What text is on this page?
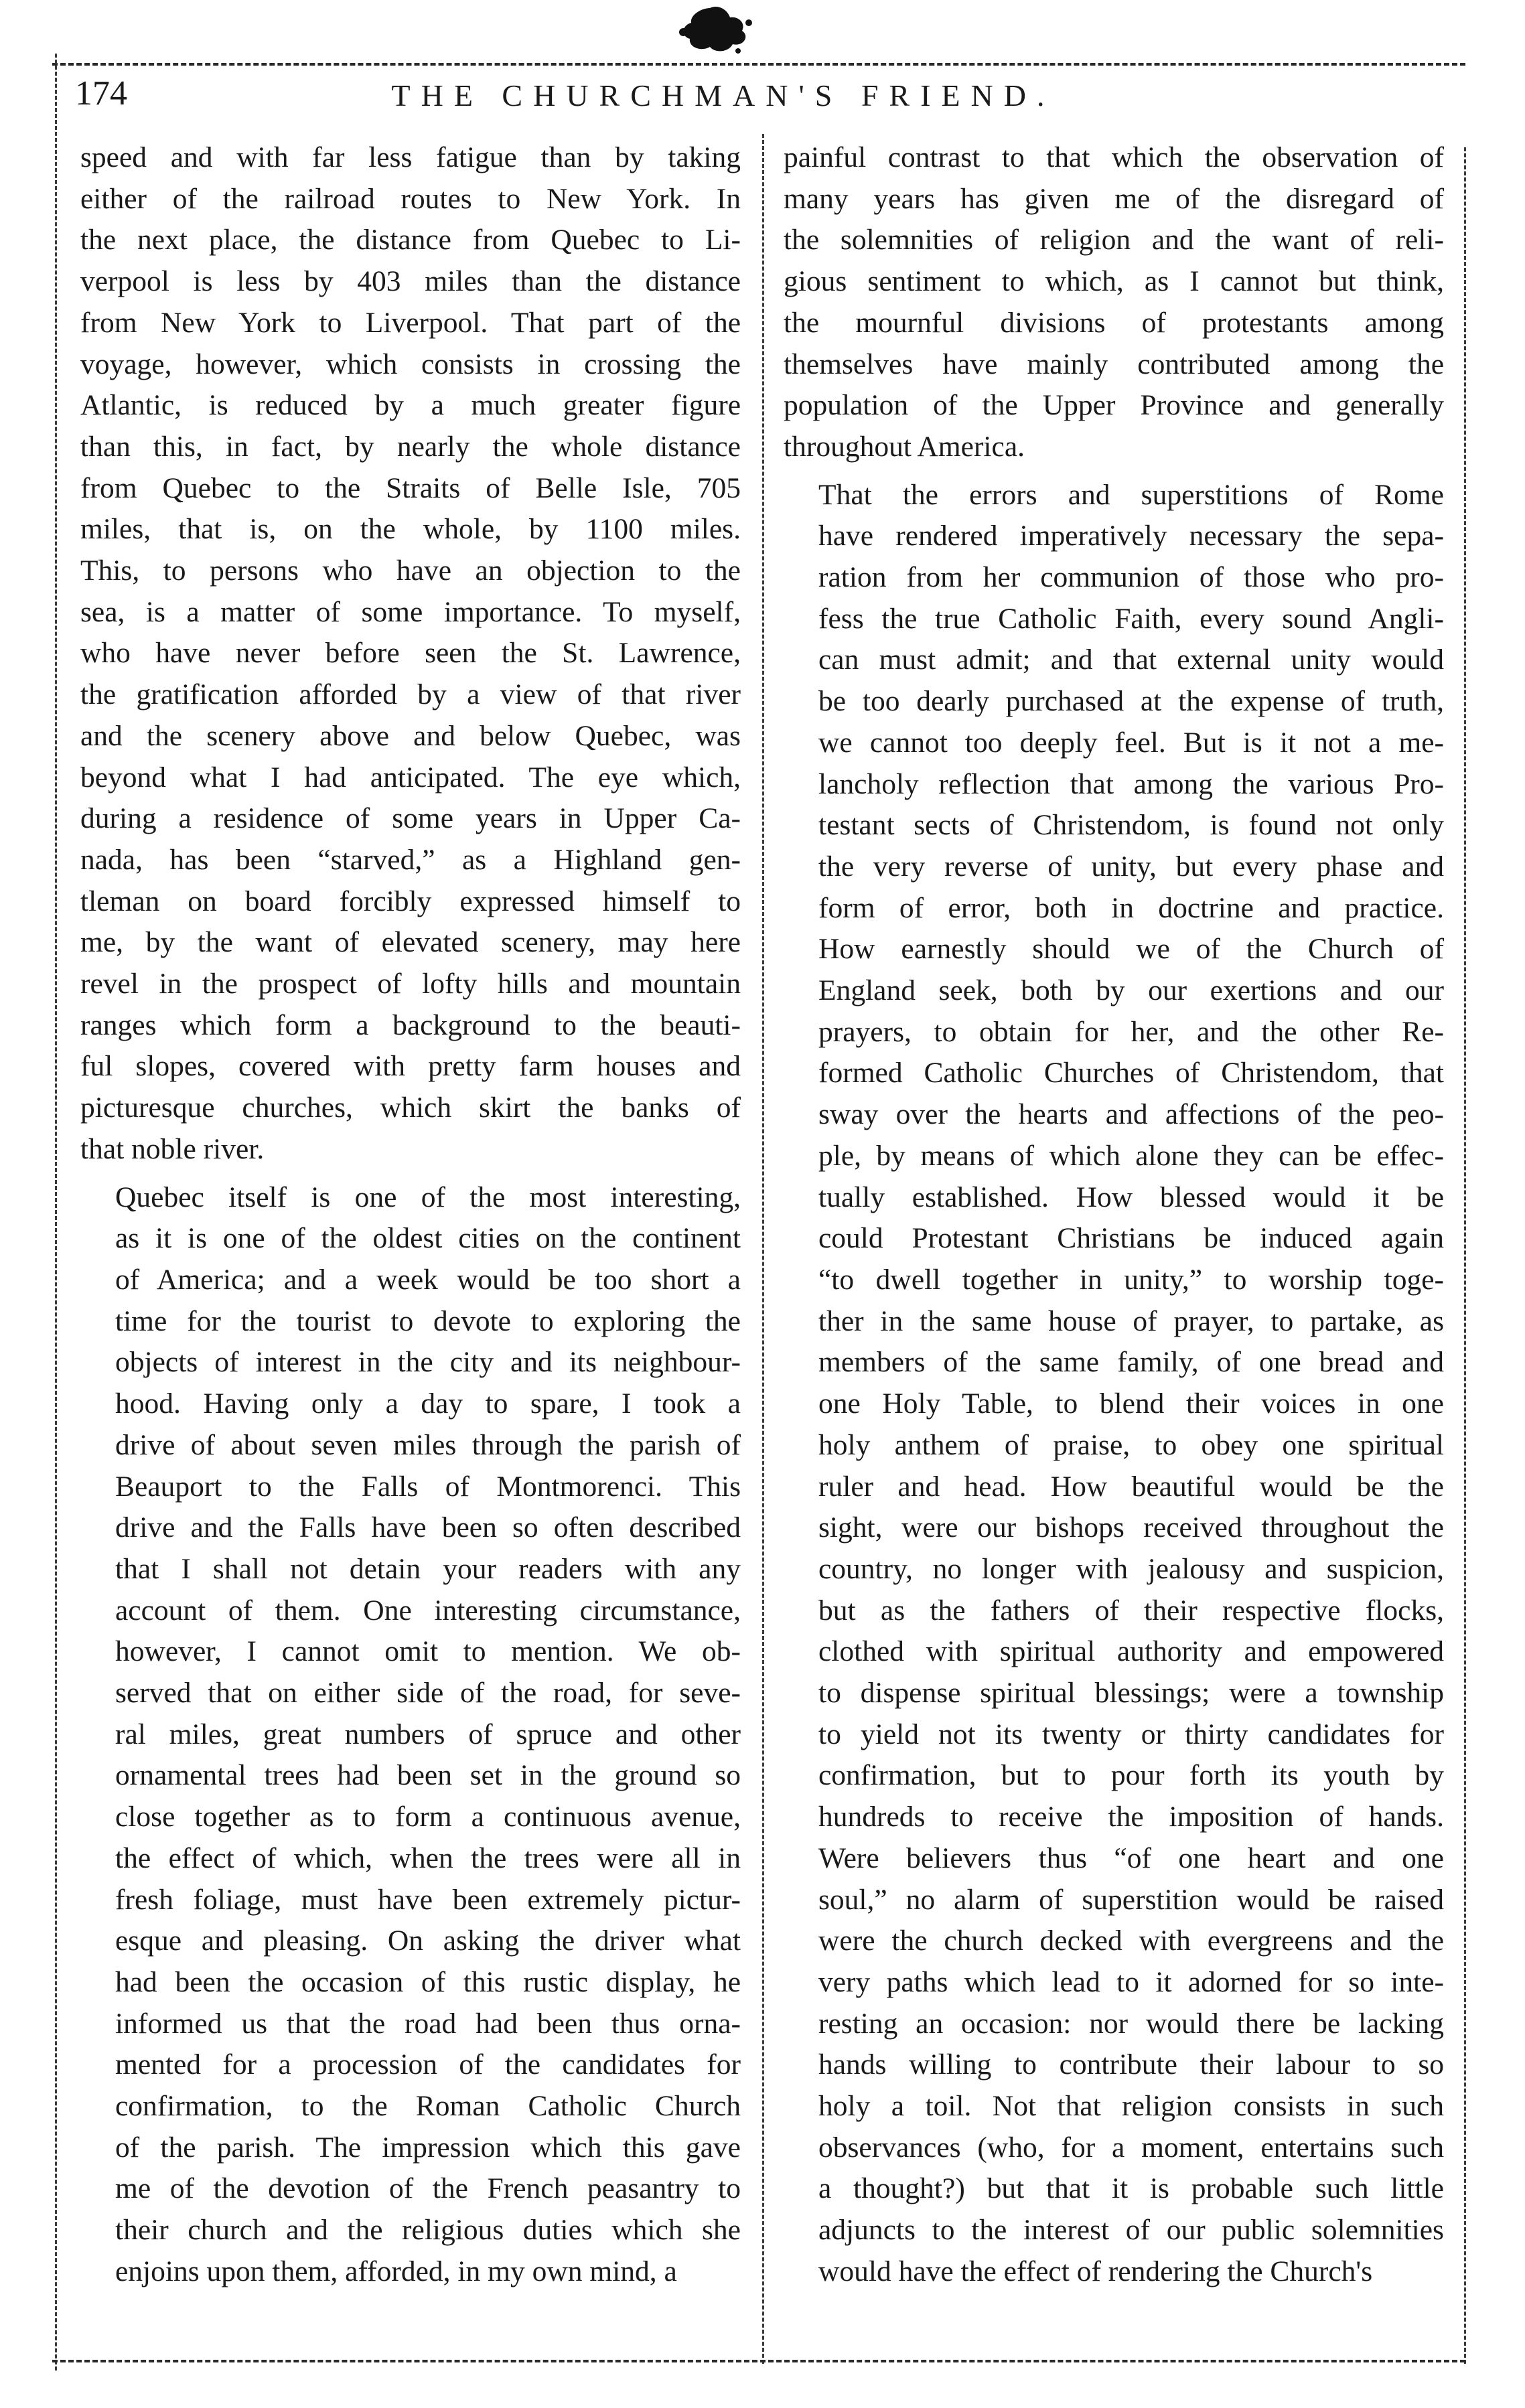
174	THE CHURCHMAN'S FRIEND.

speed and with far less fatigue than by taking
either of the railroad routes to New York. In
the next place, the distance from Quebec to Li-
verpool is less by 403 miles than the distance
from New York to Liverpool. That part of the
voyage, however, which consists in crossing the
Atlantic, is reduced by a much greater figure
than this, in fact, by nearly the whole distance
from Quebec to the Straits of Belle Isle, 705
miles, that is, on the whole, by 1100 miles.
This, to persons who have an objection to the
sea, is a matter of some importance. To myself,
who have never before seen the St. Lawrence,
the gratification afforded by a view of that river
and the scenery above and below Quebec, was
beyond what I had anticipated. The eye which,
during a residence of some years in Upper Ca-
nada, has been “starved,” as a Highland gen-
tleman on board forcibly expressed himself to
me, by the want of elevated scenery, may here
revel in the prospect of lofty hills and mountain
ranges which form a background to the beauti-
ful slopes, covered with pretty farm houses and
picturesque churches, which skirt the banks of
that noble river.

Quebec itself is one of the most interesting,
as it is one of the oldest cities on the continent
of America; and a week would be too short a
time for the tourist to devote to exploring the
objects of interest in the city and its neighbour-
hood. Having only a day to spare, I took a
drive of about seven miles through the parish of
Beauport to the Falls of Montmorenci. This
drive and the Falls have been so often described
that I shall not detain your readers with any
account of them. One interesting circumstance,
however, I cannot omit to mention. We ob-
served that on either side of the road, for seve-
ral miles, great numbers of spruce and other
ornamental trees had been set in the ground so
close together as to form a continuous avenue,
the effect of which, when the trees were all in
fresh foliage, must have been extremely pictur-
esque and pleasing. On asking the driver what
had been the occasion of this rustic display, he
informed us that the road had been thus orna-
mented for a procession of the candidates for
confirmation, to the Roman Catholic Church
of the parish. The impression which this gave
me of the devotion of the French peasantry to
their church and the religious duties which she
enjoins upon them, afforded, in my own mind, a

painful contrast to that which the observation of
many years has given me of the disregard of
the solemnities of religion and the want of reli-
gious sentiment to which, as I cannot but think,
the mournful divisions of protestants among
themselves have mainly contributed among the
population of the Upper Province and generally
throughout America.

That the errors and superstitions of Rome
have rendered imperatively necessary the sepa-
ration from her communion of those who pro-
fess the true Catholic Faith, every sound Angli-
can must admit; and that external unity would
be too dearly purchased at the expense of truth,
we cannot too deeply feel. But is it not a me-
lancholy reflection that among the various Pro-
testant sects of Christendom, is found not only
the very reverse of unity, but every phase and
form of error, both in doctrine and practice.
How earnestly should we of the Church of
England seek, both by our exertions and our
prayers, to obtain for her, and the other Re-
formed Catholic Churches of Christendom, that
sway over the hearts and affections of the peo-
ple, by means of which alone they can be effec-
tually established. How blessed would it be
could Protestant Christians be induced again
“to dwell together in unity,” to worship toge-
ther in the same house of prayer, to partake, as
members of the same family, of one bread and
one Holy Table, to blend their voices in one
holy anthem of praise, to obey one spiritual
ruler and head. How beautiful would be the
sight, were our bishops received throughout the
country, no longer with jealousy and suspicion,
but as the fathers of their respective flocks,
clothed with spiritual authority and empowered
to dispense spiritual blessings; were a township
to yield not its twenty or thirty candidates for
confirmation, but to pour forth its youth by
hundreds to receive the imposition of hands.
Were believers thus “of one heart and one
soul,” no alarm of superstition would be raised
were the church decked with evergreens and the
very paths which lead to it adorned for so inte-
resting an occasion: nor would there be lacking
hands willing to contribute their labour to so
holy a toil. Not that religion consists in such
observances (who, for a moment, entertains such
a thought?) but that it is probable such little
adjuncts to the interest of our public solemnities
would have the effect of rendering the Church's
